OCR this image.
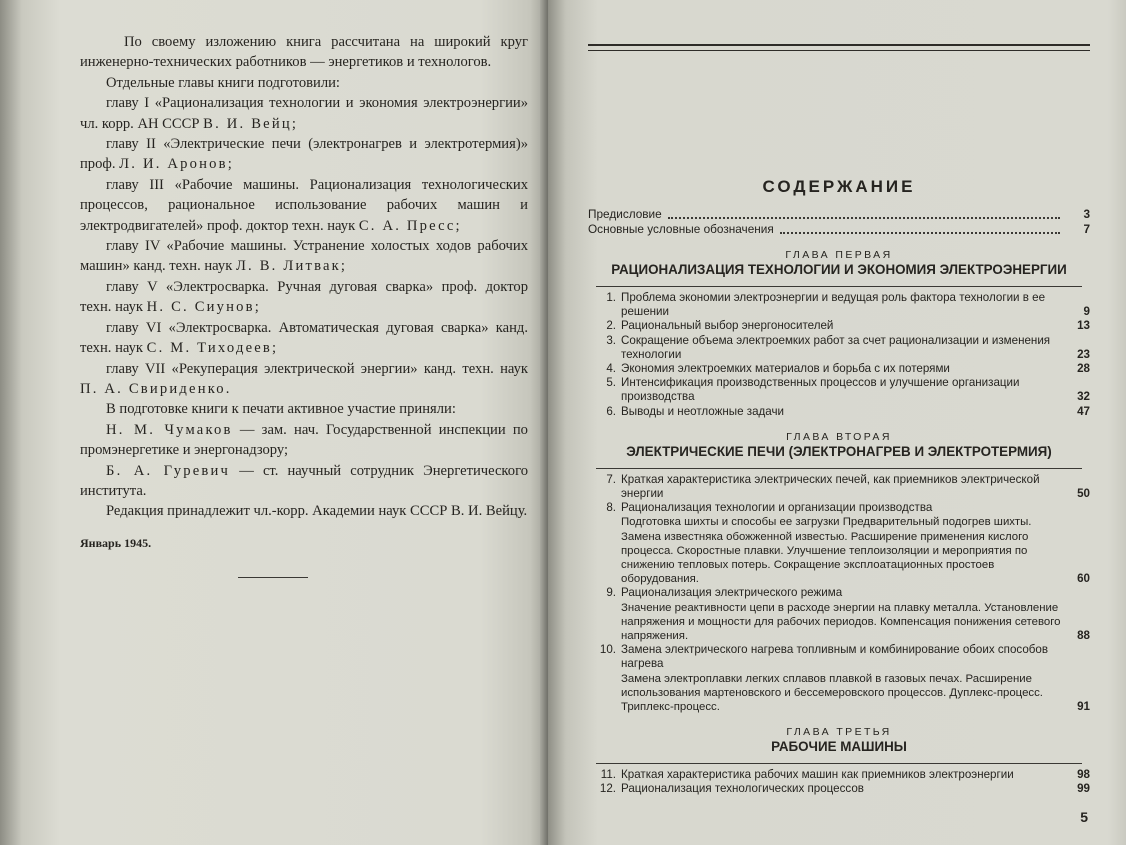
По своему изложению книга рассчитана на широкий круг инженерно-технических работников — энергетиков и технологов.

Отдельные главы книги подготовили:

главу I «Рационализация технологии и экономия электроэнергии» чл. корр. АН СССР В. И. Вейц;

главу II «Электрические печи (электронагрев и электротермия)» проф. Л. И. Аронов;

главу III «Рабочие машины. Рационализация технологических процессов, рациональное использование рабочих машин и электродвигателей» проф. доктор техн. наук С. А. Пресс;

главу IV «Рабочие машины. Устранение холостых ходов рабочих машин» канд. техн. наук Л. В. Литвак;

главу V «Электросварка. Ручная дуговая сварка» проф. доктор техн. наук Н. С. Сиунов;

главу VI «Электросварка. Автоматическая дуговая сварка» канд. техн. наук С. М. Тиходеев;

главу VII «Рекуперация электрической энергии» канд. техн. наук П. А. Свириденко.

В подготовке книги к печати активное участие приняли:

Н. М. Чумаков — зам. нач. Государственной инспекции по промэнергетике и энергонадзору;

Б. А. Гуревич — ст. научный сотрудник Энергетического института.

Редакция принадлежит чл.-корр. Академии наук СССР В. И. Вейцу.

Январь 1945.
СОДЕРЖАНИЕ
Предисловие	3
Основные условные обозначения	7
ГЛАВА ПЕРВАЯ
РАЦИОНАЛИЗАЦИЯ ТЕХНОЛОГИИ И ЭКОНОМИЯ ЭЛЕКТРОЭНЕРГИИ
1. Проблема экономии электроэнергии и ведущая роль фактора технологии в ее решении	9
2. Рациональный выбор энергоносителей	13
3. Сокращение объема электроемких работ за счет рационализации и изменения технологии	23
4. Экономия электроемких материалов и борьба с их потерями	28
5. Интенсификация производственных процессов и улучшение организации производства	32
6. Выводы и неотложные задачи	47
ГЛАВА ВТОРАЯ
ЭЛЕКТРИЧЕСКИЕ ПЕЧИ (ЭЛЕКТРОНАГРЕВ И ЭЛЕКТРОТЕРМИЯ)
7. Краткая характеристика электрических печей, как приемников электрической энергии	50
8. Рационализация технологии и организации производства
Подготовка шихты и способы ее загрузки Предварительный подогрев шихты. Замена известняка обожженной известью. Расширение применения кислого процесса. Скоростные плавки. Улучшение теплоизоляции и мероприятия по снижению тепловых потерь. Сокращение эксплоатационных простоев оборудования.	60
9. Рационализация электрического режима
Значение реактивности цепи в расходе энергии на плавку металла. Установление напряжения и мощности для рабочих периодов. Компенсация понижения сетевого напряжения.	88
10. Замена электрического нагрева топливным и комбинирование обоих способов нагрева
Замена электроплавки легких сплавов плавкой в газовых печах. Расширение использования мартеновского и бессемеровского процессов. Дуплекс-процесс. Триплекс-процесс.	91
ГЛАВА ТРЕТЬЯ
РАБОЧИЕ МАШИНЫ
11. Краткая характеристика рабочих машин как приемников электроэнергии	98
12. Рационализация технологических процессов	99
5
